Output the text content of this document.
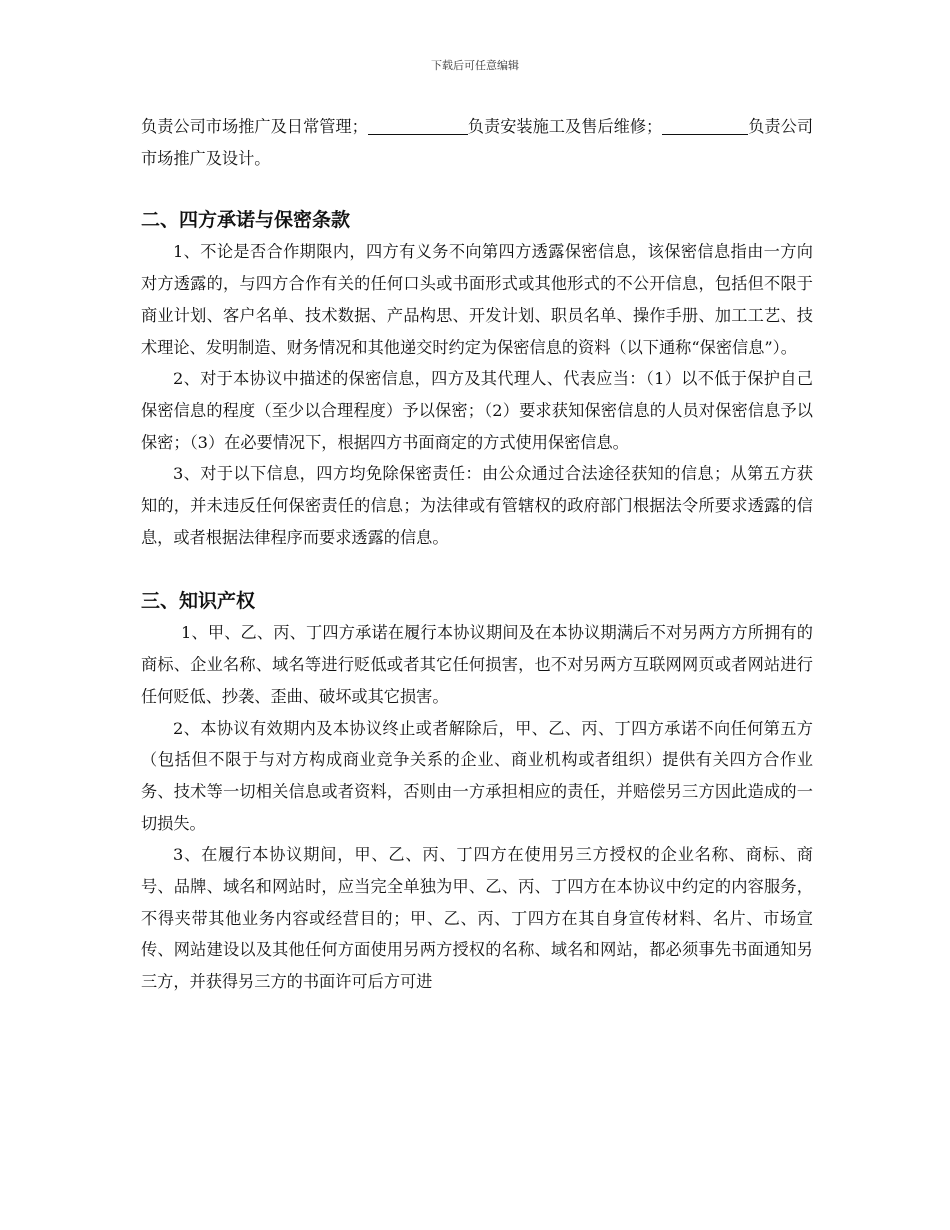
下载后可任意编辑

负责公司市场推广及日常管理；	负责安装施工及售后维修；	负责公司市场推广及设计。

二、四方承诺与保密条款

1、不论是否合作期限内，四方有义务不向第四方透露保密信息，该保密信息指由一方向对方透露的，与四方合作有关的任何口头或书面形式或其他形式的不公开信息，包括但不限于商业计划、客户名单、技术数据、产品构思、开发计划、职员名单、操作手册、加工工艺、技术理论、发明制造、财务情况和其他递交时约定为保密信息的资料（以下通称“保密信息”）。

2、对于本协议中描述的保密信息，四方及其代理人、代表应当：（1）以不低于保护自己保密信息的程度（至少以合理程度）予以保密；（2）要求获知保密信息的人员对保密信息予以保密；（3）在必要情况下，根据四方书面商定的方式使用保密信息。

3、对于以下信息，四方均免除保密责任：由公众通过合法途径获知的信息；从第五方获知的，并未违反任何保密责任的信息；为法律或有管辖权的政府部门根据法令所要求透露的信息，或者根据法律程序而要求透露的信息。

三、知识产权

1、甲、乙、丙、丁四方承诺在履行本协议期间及在本协议期满后不对另两方方所拥有的商标、企业名称、域名等进行贬低或者其它任何损害，也不对另两方互联网网页或者网站进行任何贬低、抄袭、歪曲、破坏或其它损害。

2、本协议有效期内及本协议终止或者解除后，甲、乙、丙、丁四方承诺不向任何第五方（包括但不限于与对方构成商业竞争关系的企业、商业机构或者组织）提供有关四方合作业务、技术等一切相关信息或者资料，否则由一方承担相应的责任，并赔偿另三方因此造成的一切损失。

3、在履行本协议期间，甲、乙、丙、丁四方在使用另三方授权的企业名称、商标、商号、品牌、域名和网站时，应当完全单独为甲、乙、丙、丁四方在本协议中约定的内容服务，不得夹带其他业务内容或经营目的；甲、乙、丙、丁四方在其自身宣传材料、名片、市场宣传、网站建设以及其他任何方面使用另两方授权的名称、域名和网站，都必须事先书面通知另三方，并获得另三方的书面许可后方可进
